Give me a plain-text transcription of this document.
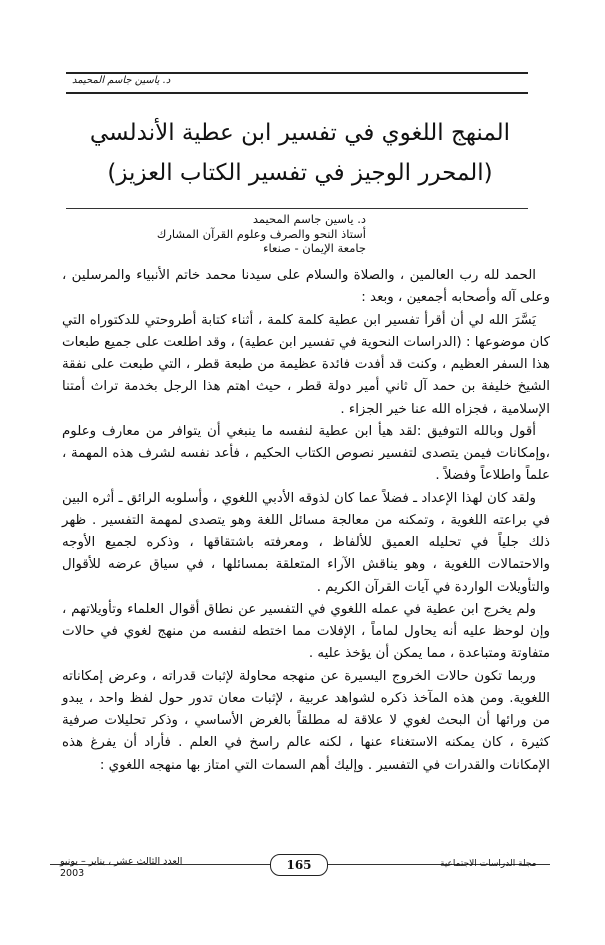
د. ياسين جاسم المحيمد
المنهج اللغوي في تفسير ابن عطية الأندلسي
(المحرر الوجيز في تفسير الكتاب العزيز)
د. ياسين جاسم المحيمد
أستاذ النحو والصرف وعلوم القرآن المشارك
جامعة الإيمان - صنعاء

الحمد لله رب العالمين ، والصلاة والسلام على سيدنا محمد خاتم الأنبياء والمرسلين ، وعلى آله وأصحابه أجمعين ، وبعد :

يَسَّرَ الله لي أن أقرأ تفسير ابن عطية كلمة كلمة ، أثناء كتابة أطروحتي للدكتوراه التي كان موضوعها : (الدراسات النحوية في تفسير ابن عطية) ، وقد اطلعت على جميع طبعات هذا السفر العظيم ، وكنت قد أفدت فائدة عظيمة من طبعة قطر ، التي طبعت على نفقة الشيخ خليفة بن حمد آل ثاني أمير دولة قطر ، حيث اهتم هذا الرجل بخدمة تراث أمتنا الإسلامية ، فجزاه الله عنا خير الجزاء .

أقول وبالله التوفيق :لقد هيأ ابن عطية لنفسه ما ينبغي أن يتوافر من معارف وعلوم ،وإمكانات فيمن يتصدى لتفسير نصوص الكتاب الحكيم ، فأعد نفسه لشرف هذه المهمة ، علماً واطلاعاً وفضلاً .

ولقد كان لهذا الإعداد ـ فضلاً عما كان لذوقه الأدبي اللغوي ، وأسلوبه الرائق ـ أثره البين في براعته اللغوية ، وتمكنه من معالجة مسائل اللغة وهو يتصدى لمهمة التفسير . ظهر ذلك جلياً في تحليله العميق للألفاظ ، ومعرفته باشتقاقها ، وذكره لجميع الأوجه والاحتمالات اللغوية ، وهو يناقش الآراء المتعلقة بمسائلها ، في سياق عرضه للأقوال والتأويلات الواردة في آيات القرآن الكريم .

ولم يخرج ابن عطية في عمله اللغوي في التفسير عن نطاق أقوال العلماء وتأويلاتهم ، وإن لوحظ عليه أنه يحاول لماماً ، الإفلات مما اختطه لنفسه من منهج لغوي في حالات متفاوتة ومتباعدة ، مما يمكن أن يؤخذ عليه .

وربما تكون حالات الخروج اليسيرة عن منهجه محاولة لإثبات قدراته ، وعرض إمكاناته اللغوية. ومن هذه المآخذ ذكره لشواهد عربية ، لإثبات معان تدور حول لفظ واحد ، يبدو من ورائها أن البحث لغوي لا علاقة له مطلقاً بالغرض الأساسي ، وذكر تحليلات صرفية كثيرة ، كان يمكنه الاستغناء عنها ، لكنه عالم راسخ في العلم . فأراد أن يفرغ هذه الإمكانات والقدرات في التفسير . وإليك أهم السمات التي امتاز بها منهجه اللغوي :

العدد الثالث عشر ، يناير – يونيو
2003
165	مجلة الدراسات الاجتماعية
